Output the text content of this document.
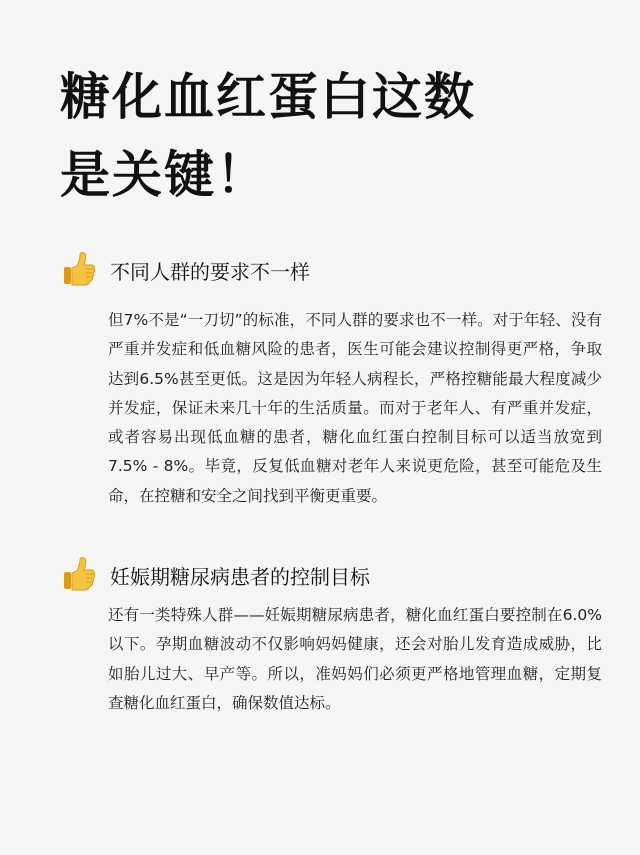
糖化血红蛋白这数
是关键！
不同人群的要求不一样

但7%不是“一刀切”的标准，不同人群的要求也不一样。对于年轻、没有严重并发症和低血糖风险的患者，医生可能会建议控制得更严格，争取达到6.5%甚至更低。这是因为年轻人病程长，严格控糖能最大程度减少并发症，保证未来几十年的生活质量。而对于老年人、有严重并发症，或者容易出现低血糖的患者，糖化血红蛋白控制目标可以适当放宽到7.5% - 8%。毕竟，反复低血糖对老年人来说更危险，甚至可能危及生命，在控糖和安全之间找到平衡更重要。

妊娠期糖尿病患者的控制目标

还有一类特殊人群——妊娠期糖尿病患者，糖化血红蛋白要控制在6.0%以下。孕期血糖波动不仅影响妈妈健康，还会对胎儿发育造成威胁，比如胎儿过大、早产等。所以，准妈妈们必须更严格地管理血糖，定期复查糖化血红蛋白，确保数值达标。
